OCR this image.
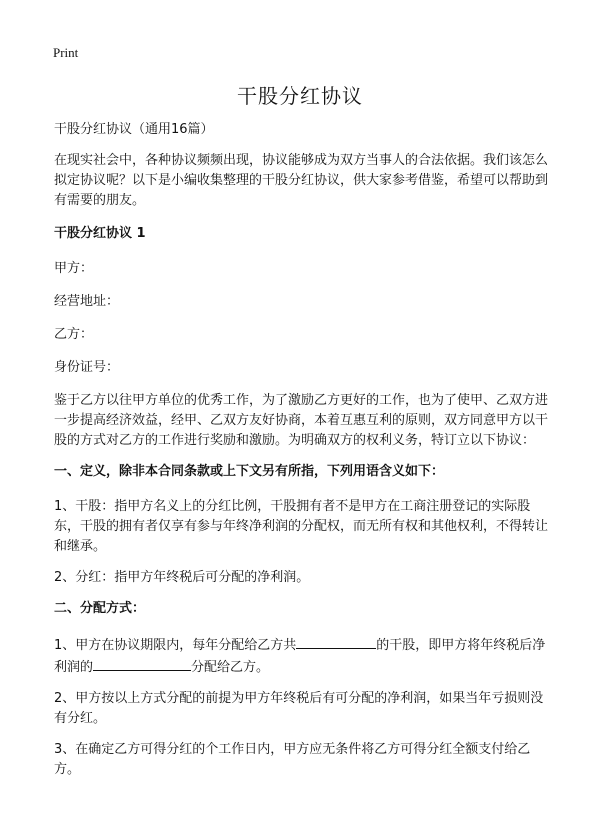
Print
干股分红协议

干股分红协议（通用16篇）

在现实社会中，各种协议频频出现，协议能够成为双方当事人的合法依据。我们该怎么拟定协议呢？以下是小编收集整理的干股分红协议，供大家参考借鉴，希望可以帮助到有需要的朋友。

干股分红协议 1

甲方：

经营地址：

乙方：

身份证号：

鉴于乙方以往甲方单位的优秀工作，为了激励乙方更好的工作，也为了使甲、乙双方进一步提高经济效益，经甲、乙双方友好协商，本着互惠互利的原则，双方同意甲方以干股的方式对乙方的工作进行奖励和激励。为明确双方的权利义务，特订立以下协议：

一、定义，除非本合同条款或上下文另有所指，下列用语含义如下：

1、干股：指甲方名义上的分红比例，干股拥有者不是甲方在工商注册登记的实际股东，干股的拥有者仅享有参与年终净利润的分配权，而无所有权和其他权利，不得转让和继承。

2、分红：指甲方年终税后可分配的净利润。

二、分配方式：

1、甲方在协议期限内，每年分配给乙方共	的干股，即甲方将年终税后净利润的	分配给乙方。

2、甲方按以上方式分配的前提为甲方年终税后有可分配的净利润，如果当年亏损则没有分红。

3、在确定乙方可得分红的个工作日内，甲方应无条件将乙方可得分红全额支付给乙方。
